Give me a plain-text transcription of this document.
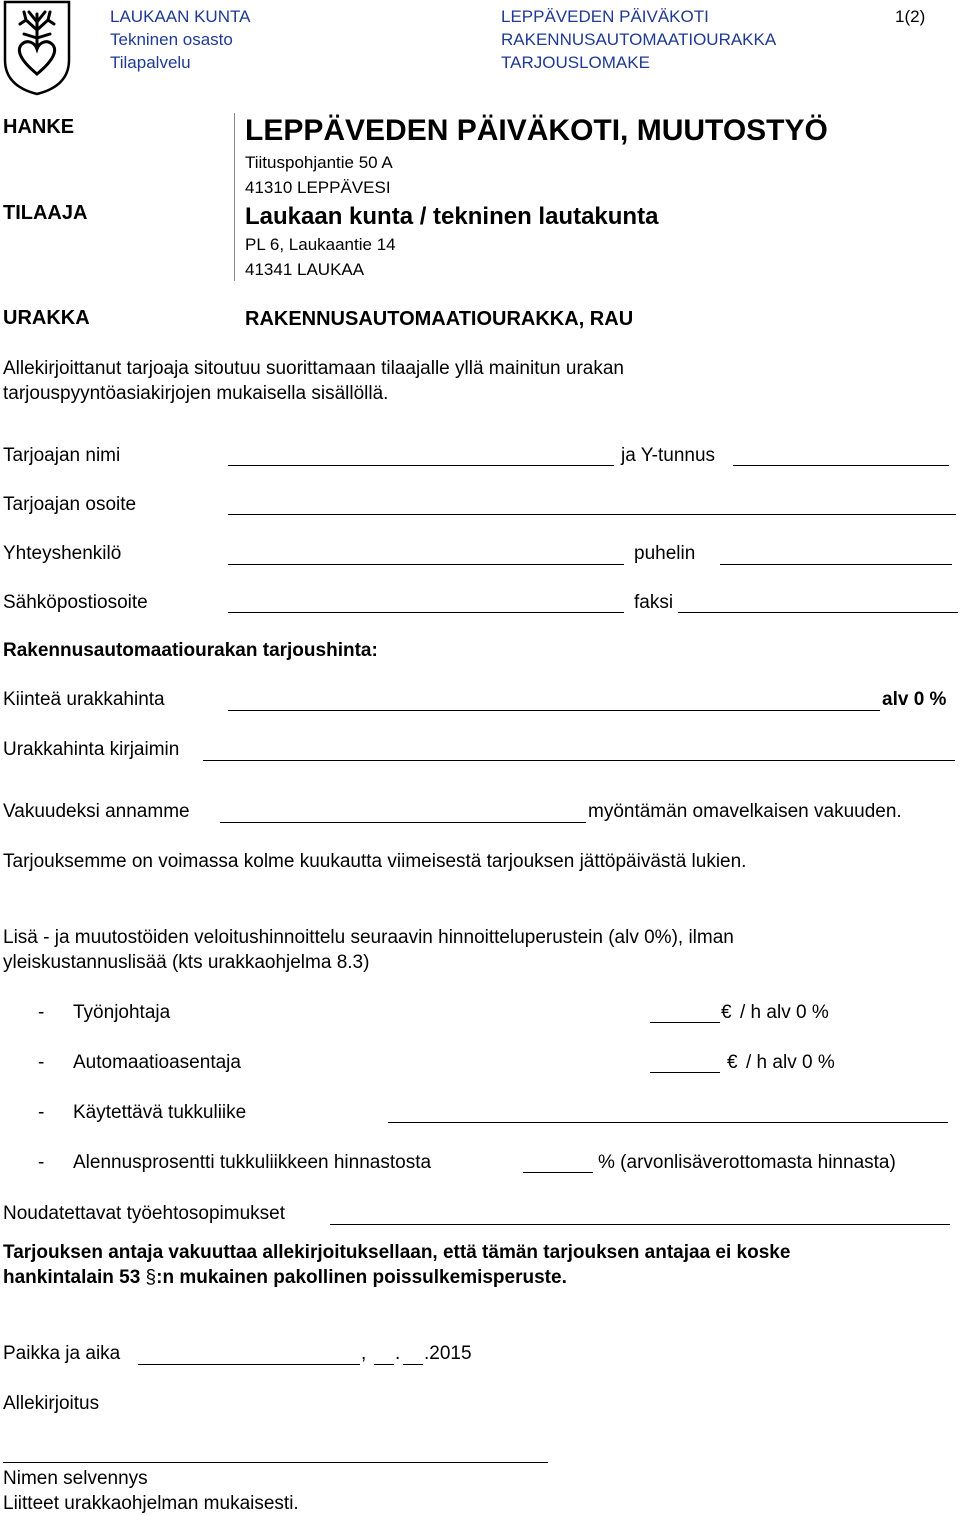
LAUKAAN KUNTA
Tekninen osasto
Tilapalvelu
LEPPÄVEDEN PÄIVÄKOTI
RAKENNUSAUTOMAATIOURAKKA
TARJOUSLOMAKE
1(2)
HANKE
TILAAJA
URAKKA
LEPPÄVEDEN PÄIVÄKOTI, MUUTOSTYÖ
Tiituspohjantie 50 A
41310 LEPPÄVESI
Laukaan kunta / tekninen lautakunta
PL 6, Laukaantie 14
41341 LAUKAA
RAKENNUSAUTOMAATIOURAKKA, RAU
Allekirjoittanut tarjoaja sitoutuu suorittamaan tilaajalle yllä mainitun urakan
tarjouspyyntöasiakirjojen mukaisella sisällöllä.
Tarjoajan nimi	ja Y-tunnus
Tarjoajan osoite
Yhteyshenkilö	puhelin
Sähköpostiosoite	faksi
Rakennusautomaatiourakan tarjoushinta:
Kiinteä urakkahinta	alv 0 %
Urakkahinta kirjaimin
Vakuudeksi annamme	myöntämän omavelkaisen vakuuden.
Tarjouksemme on voimassa kolme kuukautta viimeisestä tarjouksen jättöpäivästä lukien.
Lisä - ja muutostöiden veloitushinnoittelu seuraavin hinnoitteluperustein (alv 0%), ilman
yleiskustannuslisää (kts urakkaohjelma 8.3)
- Työnjohtaja	€ / h alv 0 %
- Automaatioasentaja	€ / h alv 0 %
- Käytettävä tukkuliike
- Alennusprosentti tukkuliikkeen hinnastosta	% (arvonlisäverottomasta hinnasta)
Noudatettavat työehtosopimukset
Tarjouksen antaja vakuuttaa allekirjoituksellaan, että tämän tarjouksen antajaa ei koske
hankintalain 53 §:n mukainen pakollinen poissulkemisperuste.
Paikka ja aika	, . .2015
Allekirjoitus
Nimen selvennys
Liitteet urakkaohjelman mukaisesti.
